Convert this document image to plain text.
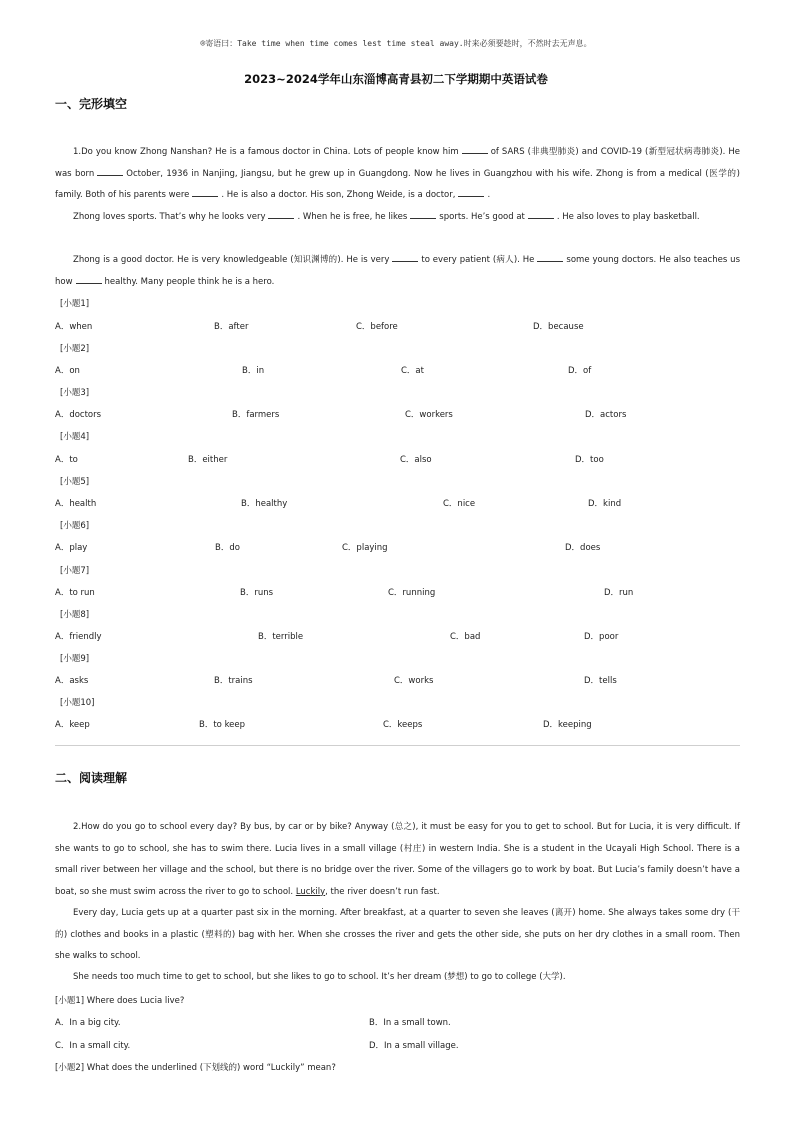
®寄语曰：Take time when time comes lest time steal away.时来必须要趁时，不然时去无声息。
2023~2024学年山东淄博高青县初二下学期期中英语试卷
一、完形填空
1.Do you know Zhong Nanshan? He is a famous doctor in China. Lots of people know him	of SARS (非典型肺炎) and COVID-19 (新型冠状病毒肺炎). He was born	October, 1936 in Nanjing, Jiangsu, but he grew up in Guangdong. Now he lives in Guangzhou with his wife. Zhong is from a medical (医学的) family. Both of his parents were	. He is also a doctor. His son, Zhong Weide, is a doctor,	.
Zhong loves sports. That’s why he looks very	. When he is free, he likes	sports. He’s good at	. He also loves to play basketball.
Zhong is a good doctor. He is very knowledgeable (知识渊博的). He is very	to every patient (病人). He	some young doctors. He also teaches us how	healthy. Many people think he is a hero.
[小题1]
A．when	B．after	C．before	D．because
[小题2]
A．on	B．in	C．at	D．of
[小题3]
A．doctors	B．farmers	C．workers	D．actors
[小题4]
A．to	B．either	C．also	D．too
[小题5]
A．health	B．healthy	C．nice	D．kind
[小题6]
A．play	B．do	C．playing	D．does
[小题7]
A．to run	B．runs	C．running	D．run
[小题8]
A．friendly	B．terrible	C．bad	D．poor
[小题9]
A．asks	B．trains	C．works	D．tells
[小题10]
A．keep	B．to keep	C．keeps	D．keeping
二、阅读理解
2.How do you go to school every day? By bus, by car or by bike? Anyway (总之), it must be easy for you to get to school. But for Lucia, it is very difficult. If she wants to go to school, she has to swim there. Lucia lives in a small village (村庄) in western India. She is a student in the Ucayali High School. There is a small river between her village and the school, but there is no bridge over the river. Some of the villagers go to work by boat. But Lucia’s family doesn’t have a boat, so she must swim across the river to go to school. Luckily, the river doesn’t run fast.
Every day, Lucia gets up at a quarter past six in the morning. After breakfast, at a quarter to seven she leaves (离开) home. She always takes some dry (干的) clothes and books in a plastic (塑料的) bag with her. When she crosses the river and gets the other side, she puts on her dry clothes in a small room. Then she walks to school.
She needs too much time to get to school, but she likes to go to school. It’s her dream (梦想) to go to college (大学).
[小题1] Where does Lucia live?
A．In a big city.	B．In a small town.
C．In a small city.	D．In a small village.
[小题2] What does the underlined (下划线的) word “Luckily” mean?
